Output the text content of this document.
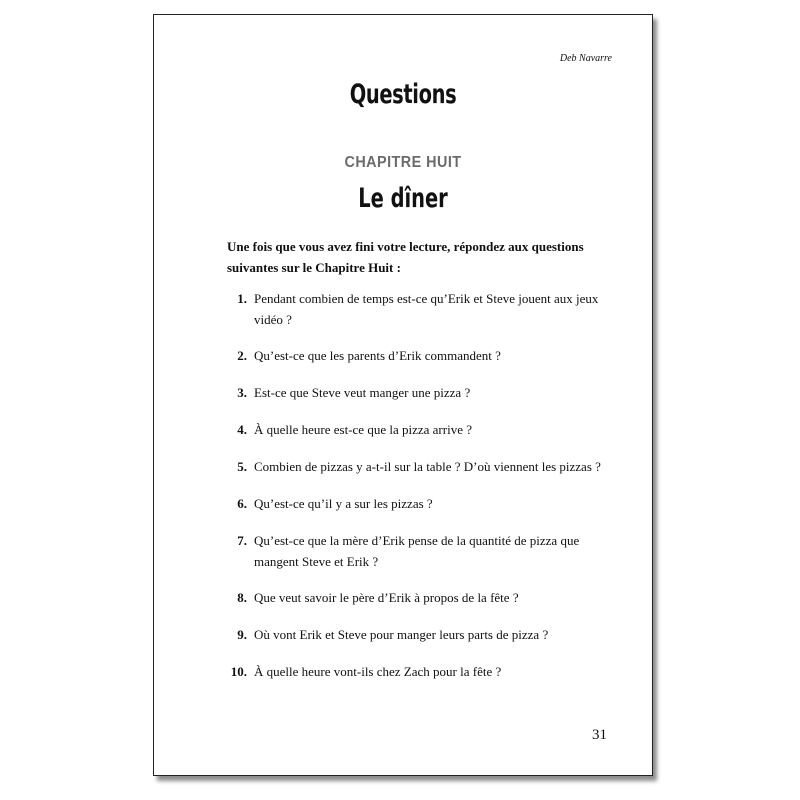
Deb Navarre
Questions
CHAPITRE HUIT
Le dîner
Une fois que vous avez fini votre lecture, répondez aux questions suivantes sur le Chapitre Huit :
1. Pendant combien de temps est-ce qu’Erik et Steve jouent aux jeux vidéo ?
2. Qu’est-ce que les parents d’Erik commandent ?
3. Est-ce que Steve veut manger une pizza ?
4. À quelle heure est-ce que la pizza arrive ?
5. Combien de pizzas y a-t-il sur la table ? D’où viennent les pizzas ?
6. Qu’est-ce qu’il y a sur les pizzas ?
7. Qu’est-ce que la mère d’Erik pense de la quantité de pizza que mangent Steve et Erik ?
8. Que veut savoir le père d’Erik à propos de la fête ?
9. Où vont Erik et Steve pour manger leurs parts de pizza ?
10. À quelle heure vont-ils chez Zach pour la fête ?
31
